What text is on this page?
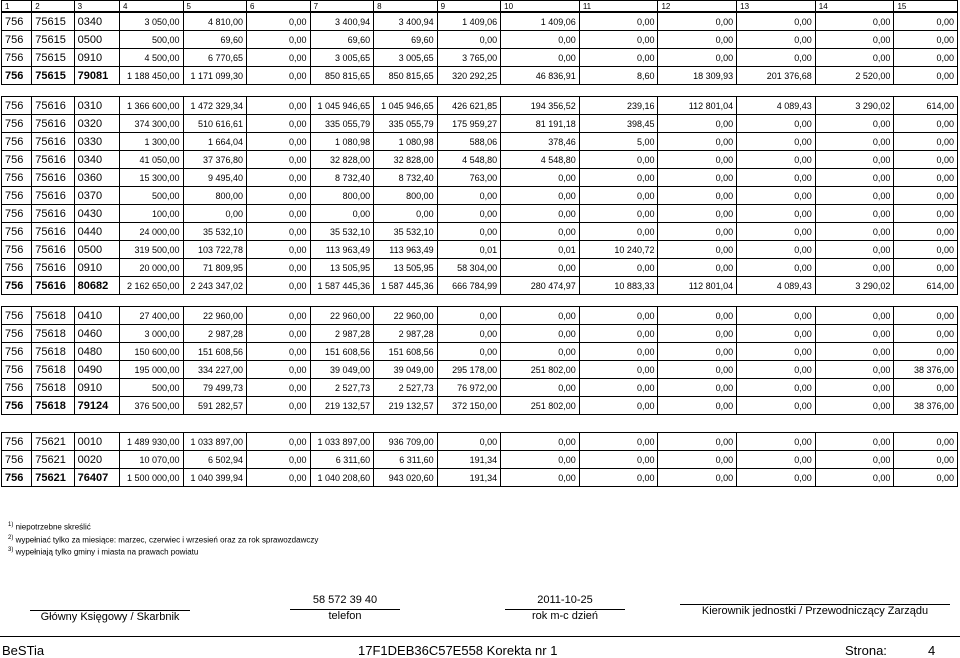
1	2	3	4	5	6	7	8	9	10	11	12	13	14	15
756	75615	0340	3 050,00	4 810,00	0,00	3 400,94	3 400,94	1 409,06	1 409,06	0,00	0,00	0,00	0,00	0,00
756	75615	0500	500,00	69,60	0,00	69,60	69,60	0,00	0,00	0,00	0,00	0,00	0,00	0,00
756	75615	0910	4 500,00	6 770,65	0,00	3 005,65	3 005,65	3 765,00	0,00	0,00	0,00	0,00	0,00	0,00
756	75615	79081	1 188 450,00	1 171 099,30	0,00	850 815,65	850 815,65	320 292,25	46 836,91	8,60	18 309,93	201 376,68	2 520,00	0,00
756	75616	0310	1 366 600,00	1 472 329,34	0,00	1 045 946,65	1 045 946,65	426 621,85	194 356,52	239,16	112 801,04	4 089,43	3 290,02	614,00
756	75616	0320	374 300,00	510 616,61	0,00	335 055,79	335 055,79	175 959,27	81 191,18	398,45	0,00	0,00	0,00	0,00
756	75616	0330	1 300,00	1 664,04	0,00	1 080,98	1 080,98	588,06	378,46	5,00	0,00	0,00	0,00	0,00
756	75616	0340	41 050,00	37 376,80	0,00	32 828,00	32 828,00	4 548,80	4 548,80	0,00	0,00	0,00	0,00	0,00
756	75616	0360	15 300,00	9 495,40	0,00	8 732,40	8 732,40	763,00	0,00	0,00	0,00	0,00	0,00	0,00
756	75616	0370	500,00	800,00	0,00	800,00	800,00	0,00	0,00	0,00	0,00	0,00	0,00	0,00
756	75616	0430	100,00	0,00	0,00	0,00	0,00	0,00	0,00	0,00	0,00	0,00	0,00	0,00
756	75616	0440	24 000,00	35 532,10	0,00	35 532,10	35 532,10	0,00	0,00	0,00	0,00	0,00	0,00	0,00
756	75616	0500	319 500,00	103 722,78	0,00	113 963,49	113 963,49	0,01	0,01	10 240,72	0,00	0,00	0,00	0,00
756	75616	0910	20 000,00	71 809,95	0,00	13 505,95	13 505,95	58 304,00	0,00	0,00	0,00	0,00	0,00	0,00
756	75616	80682	2 162 650,00	2 243 347,02	0,00	1 587 445,36	1 587 445,36	666 784,99	280 474,97	10 883,33	112 801,04	4 089,43	3 290,02	614,00
756	75618	0410	27 400,00	22 960,00	0,00	22 960,00	22 960,00	0,00	0,00	0,00	0,00	0,00	0,00	0,00
756	75618	0460	3 000,00	2 987,28	0,00	2 987,28	2 987,28	0,00	0,00	0,00	0,00	0,00	0,00	0,00
756	75618	0480	150 600,00	151 608,56	0,00	151 608,56	151 608,56	0,00	0,00	0,00	0,00	0,00	0,00	0,00
756	75618	0490	195 000,00	334 227,00	0,00	39 049,00	39 049,00	295 178,00	251 802,00	0,00	0,00	0,00	0,00	38 376,00
756	75618	0910	500,00	79 499,73	0,00	2 527,73	2 527,73	76 972,00	0,00	0,00	0,00	0,00	0,00	0,00
756	75618	79124	376 500,00	591 282,57	0,00	219 132,57	219 132,57	372 150,00	251 802,00	0,00	0,00	0,00	0,00	38 376,00
756	75621	0010	1 489 930,00	1 033 897,00	0,00	1 033 897,00	936 709,00	0,00	0,00	0,00	0,00	0,00	0,00	0,00
756	75621	0020	10 070,00	6 502,94	0,00	6 311,60	6 311,60	191,34	0,00	0,00	0,00	0,00	0,00	0,00
756	75621	76407	1 500 000,00	1 040 399,94	0,00	1 040 208,60	943 020,60	191,34	0,00	0,00	0,00	0,00	0,00	0,00
$^{1)}$ niepotrzebne skreślić
$^{2)}$ wypełniać tylko za miesiące: marzec, czerwiec i wrzesień oraz za rok sprawozdawczy
$^{3)}$ wypełniają tylko gminy i miasta na prawach powiatu
Główny Księgowy / Skarbnik
58 572 39 40
telefon
2011-10-25
rok m-c dzień	Kierownik jednostki / Przewodniczący Zarządu
BeSTia	17F1DEB36C57E558 Korekta nr 1	Strona:	4
